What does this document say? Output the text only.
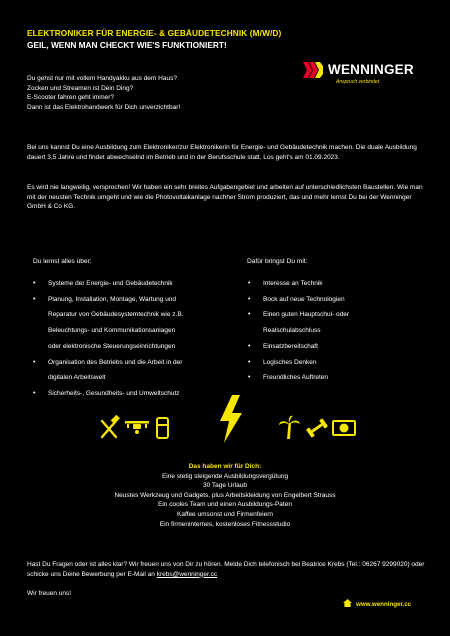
ELEKTRONIKER FÜR ENERGIE- & GEBÄUDETECHNIK (M/W/D)
GEIL, WENN MAN CHECKT WIE'S FUNKTIONIERT!
WENNINGER
Anspruch verbindet.
Du gehst nur mit vollem Handyakku aus dem Haus?
Zocken und Streamen ist Dein Ding?
E-Scooter fahren geht immer?
Dann ist das Elektrohandwerk für Dich unverzichtbar!
Bei uns kannst Du eine Ausbildung zum Elektroniker/zur Elektronikerin für Energie- und Gebäudetechnik machen. Die duale Ausbildung dauert 3,5 Jahre und findet abwechselnd im Betrieb und in der Berufsschule statt. Los geht's am 01.09.2023.
Es wird nie langweilig, versprochen! Wir haben ein sehr breites Aufgabengebiet und arbeiten auf unterschiedlichsten Baustellen. Wie man mit der neusten Technik umgeht und wie die Photovoltaikanlage nachher Strom produziert, das und mehr lernst Du bei der Wenninger GmbH & Co KG.
Du lernst alles über:
• Systeme der Energie- und Gebäudetechnik
• Planung, Installation, Montage, Wartung und
Reparatur von Gebäudesystemtechnik wie z.B.
Beleuchtungs- und Kommunikationsanlagen
oder elektronische Steuerungseinrichtungen
• Organisation des Betriebs und die Arbeit in der
digitalen Arbeitswelt
• Sicherheits-, Gesundheits- und Umweltschutz
Dafür bringst Du mit:
• Interesse an Technik
• Bock auf neue Technologien
• Einen guten Hauptschul- oder
Realschulabschluss
• Einsatzbereitschaft
• Logisches Denken
• Freundliches Auftreten
Das haben wir für Dich:
Eine stetig steigende Ausbildungsvergütung
30 Tage Urlaub
Neustes Werkzeug und Gadgets, plus Arbeitskleidung von Engelbert Strauss
Ein cooles Team und einen Ausbildungs-Paten
Kaffee umsonst und Firmenfeiern
Ein firmeninternes, kostenloses Fitnessstudio
Hast Du Fragen oder ist alles klar? Wir freuen uns von Dir zu hören. Melde Dich telefonisch bei Beatrice Krebs (Tel.: 06267 9299020) oder schicke uns Deine Bewerbung per E-Mail an krebs@wenninger.cc
Wir freuen uns!
www.wenninger.cc
